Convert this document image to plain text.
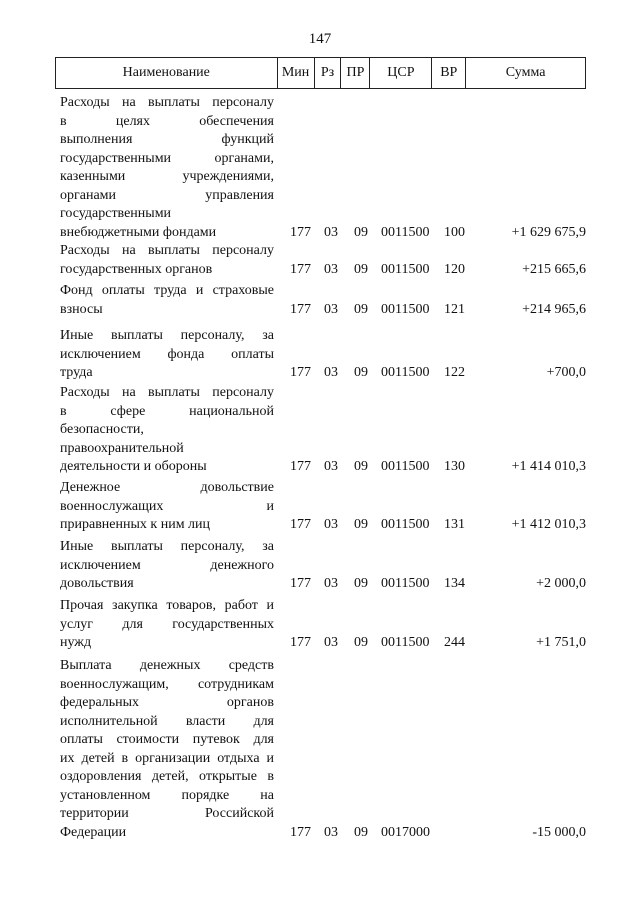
147
Наименование	Мин Рз ПР	ЦСР	ВР	Сумма
Расходы на выплаты персоналу
в целях обеспечения
выполнения функций
государственными органами,
казенными учреждениями,
органами управления
государственными
внебюджетными фондами	177 03 09 0011500 100	+1 629 675,9
Расходы на выплаты персоналу
государственных органов	177 03 09 0011500 120	+215 665,6
Фонд оплаты труда и страховые
взносы	177 03 09 0011500 121	+214 965,6
Иные выплаты персоналу, за
исключением фонда оплаты
труда	177 03 09 0011500 122	+700,0
Расходы на выплаты персоналу
в сфере национальной
безопасности,
правоохранительной
деятельности и обороны	177 03 09 0011500 130	+1 414 010,3
Денежное довольствие
военнослужащих и
приравненных к ним лиц	177 03 09 0011500 131	+1 412 010,3
Иные выплаты персоналу, за
исключением денежного
довольствия	177 03 09 0011500 134	+2 000,0
Прочая закупка товаров, работ и
услуг для государственных
нужд	177 03 09 0011500 244	+1 751,0
Выплата денежных средств
военнослужащим, сотрудникам
федеральных органов
исполнительной власти для
оплаты стоимости путевок для
их детей в организации отдыха и
оздоровления детей, открытые в
установленном порядке на
территории Российской
Федерации	177 03 09 0017000	-15 000,0
